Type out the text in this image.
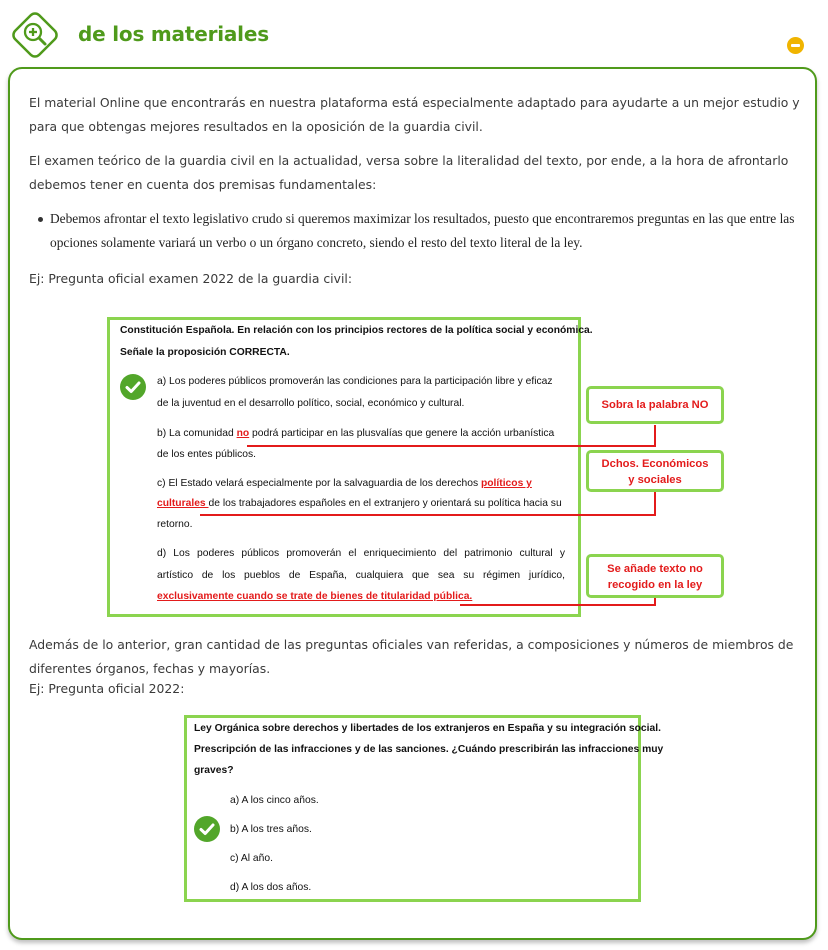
de los materiales

El material Online que encontrarás en nuestra plataforma está especialmente adaptado para ayudarte a un mejor estudio y para que obtengas mejores resultados en la oposición de la guardia civil.

El examen teórico de la guardia civil en la actualidad, versa sobre la literalidad del texto, por ende, a la hora de afrontarlo debemos tener en cuenta dos premisas fundamentales:

Debemos afrontar el texto legislativo crudo si queremos maximizar los resultados, puesto que encontraremos preguntas en las que entre las opciones solamente variará un verbo o un órgano concreto, siendo el resto del texto literal de la ley.

Ej: Pregunta oficial examen 2022 de la guardia civil:

Constitución Española. En relación con los principios rectores de la política social y económica.
Señale la proposición CORRECTA.
a) Los poderes públicos promoverán las condiciones para la participación libre y eficaz
de la juventud en el desarrollo político, social, económico y cultural.
b) La comunidad no podrá participar en las plusvalías que genere la acción urbanística
de los entes públicos.
c) El Estado velará especialmente por la salvaguardia de los derechos políticos y
culturales de los trabajadores españoles en el extranjero y orientará su política hacia su
retorno.
d) Los poderes públicos promoverán el enriquecimiento del patrimonio cultural y
artístico de los pueblos de España, cualquiera que sea su régimen jurídico,
exclusivamente cuando se trate de bienes de titularidad pública.
Sobra la palabra NO
Dchos. Económicos
y sociales
Se añade texto no
recogido en la ley

Además de lo anterior, gran cantidad de las preguntas oficiales van referidas, a composiciones y números de miembros de diferentes órganos, fechas y mayorías.

Ej: Pregunta oficial 2022:

Ley Orgánica sobre derechos y libertades de los extranjeros en España y su integración social.
Prescripción de las infracciones y de las sanciones. ¿Cuándo prescribirán las infracciones muy
graves?
a) A los cinco años.
b) A los tres años.
c) Al año.
d) A los dos años.
